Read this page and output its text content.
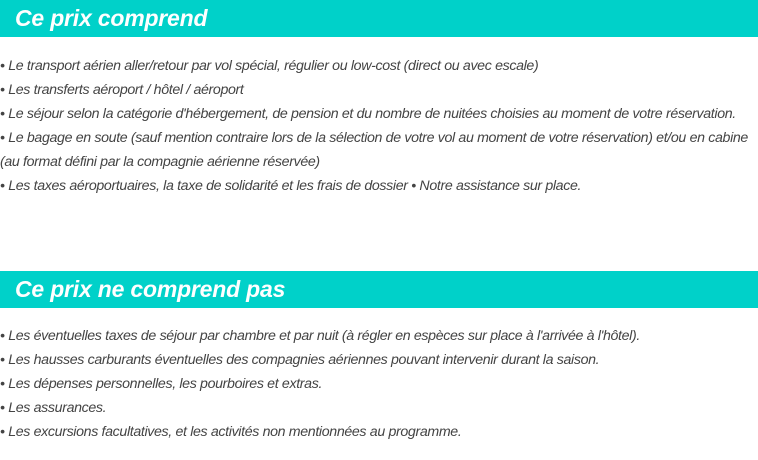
Ce prix comprend
• Le transport aérien aller/retour par vol spécial, régulier ou low-cost (direct ou avec escale)
• Les transferts aéroport / hôtel / aéroport
• Le séjour selon la catégorie d'hébergement, de pension et du nombre de nuitées choisies au moment de votre réservation.
• Le bagage en soute (sauf mention contraire lors de la sélection de votre vol au moment de votre réservation) et/ou en cabine (au format défini par la compagnie aérienne réservée)
• Les taxes aéroportuaires, la taxe de solidarité et les frais de dossier • Notre assistance sur place.
Ce prix ne comprend pas
• Les éventuelles taxes de séjour par chambre et par nuit (à régler en espèces sur place à l'arrivée à l'hôtel).
• Les hausses carburants éventuelles des compagnies aériennes pouvant intervenir durant la saison.
• Les dépenses personnelles, les pourboires et extras.
• Les assurances.
• Les excursions facultatives, et les activités non mentionnées au programme.
